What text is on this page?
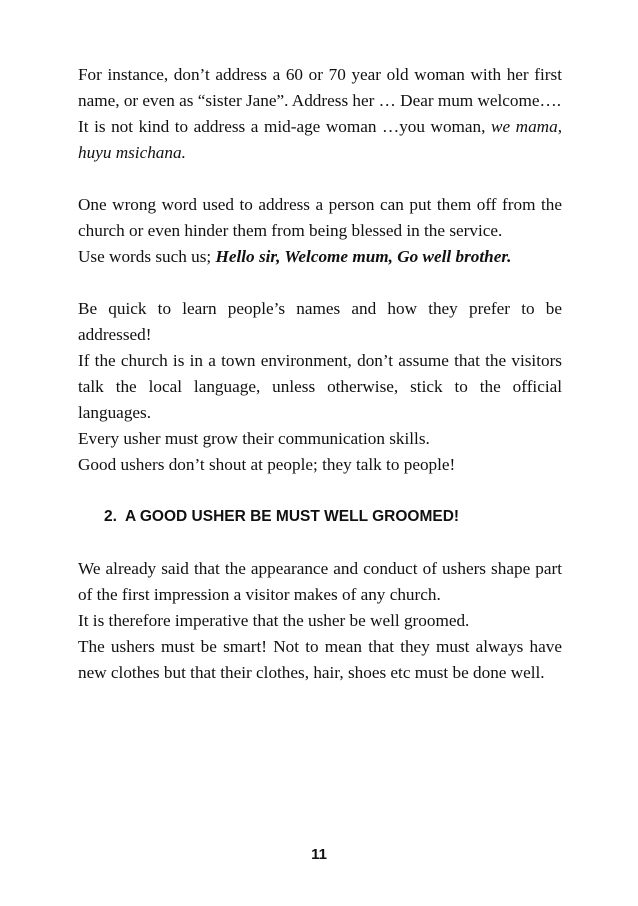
For instance, don’t address a 60 or 70 year old woman with her first name, or even as “sister Jane”. Address her … Dear mum welcome….

It is not kind to address a mid-age woman …you woman, we mama, huyu msichana.

One wrong word used to address a person can put them off from the church or even hinder them from being blessed in the service.

Use words such us; Hello sir, Welcome mum, Go well brother.

Be quick to learn people’s names and how they prefer to be addressed!

If the church is in a town environment, don’t assume that the visitors talk the local language, unless otherwise, stick to the official languages.

Every usher must grow their communication skills.

Good ushers don’t shout at people; they talk to people!

2. A GOOD USHER BE MUST WELL GROOMED!

We already said that the appearance and conduct of ushers shape part of the first impression a visitor makes of any church.

It is therefore imperative that the usher be well groomed.

The ushers must be smart! Not to mean that they must always have new clothes but that their clothes, hair, shoes etc must be done well.

11
